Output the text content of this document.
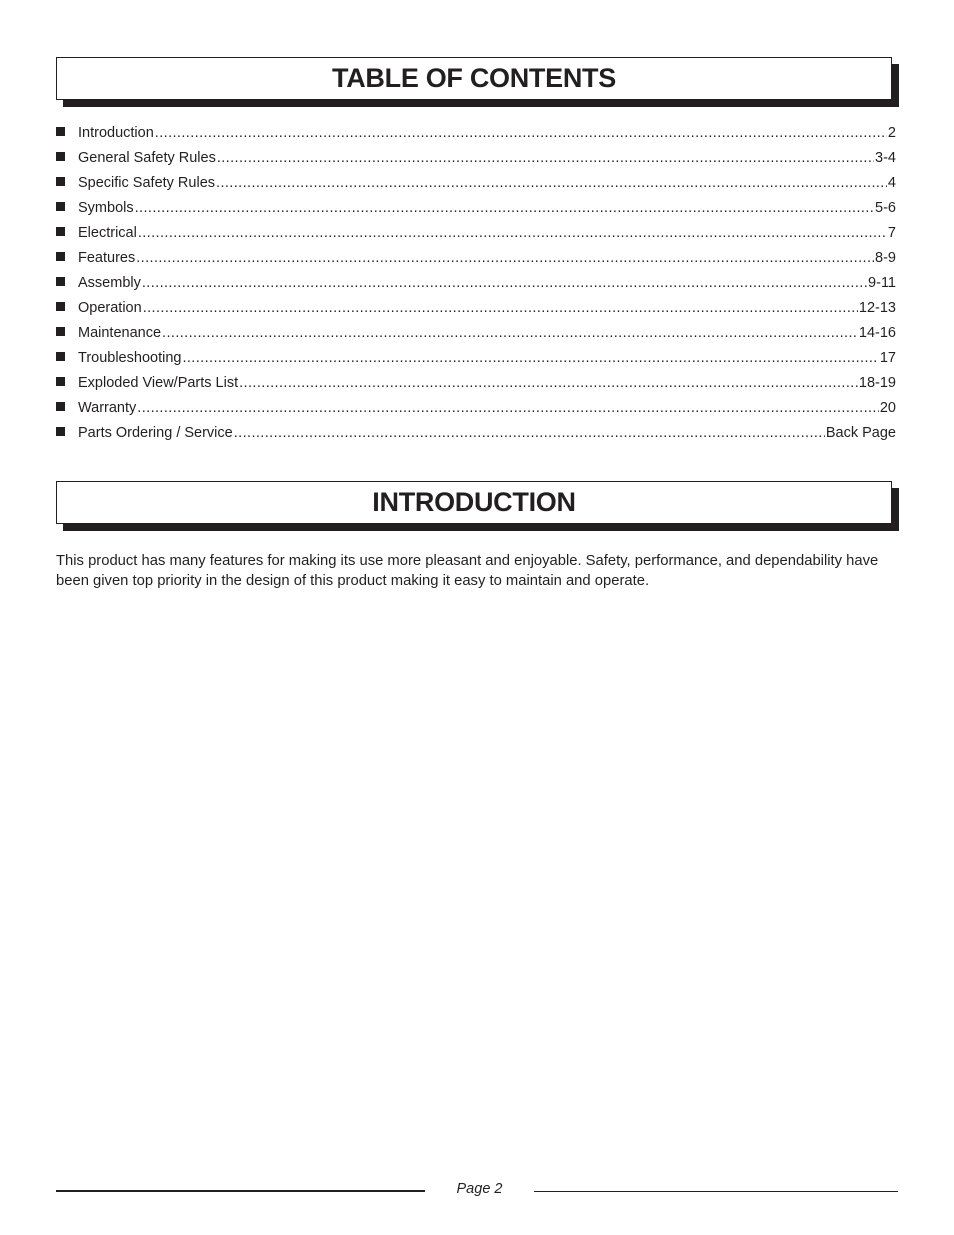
TABLE OF CONTENTS
Introduction .....	2
General Safety Rules .....	3-4
Specific Safety Rules .....	4
Symbols .....	5-6
Electrical .....	7
Features .....	8-9
Assembly .....	9-11
Operation .....	12-13
Maintenance .....	14-16
Troubleshooting .....	17
Exploded View/Parts List .....	18-19
Warranty .....	20
Parts Ordering / Service .....	Back Page
INTRODUCTION

This product has many features for making its use more pleasant and enjoyable. Safety, performance, and dependability have been given top priority in the design of this product making it easy to maintain and operate.

Page 2
